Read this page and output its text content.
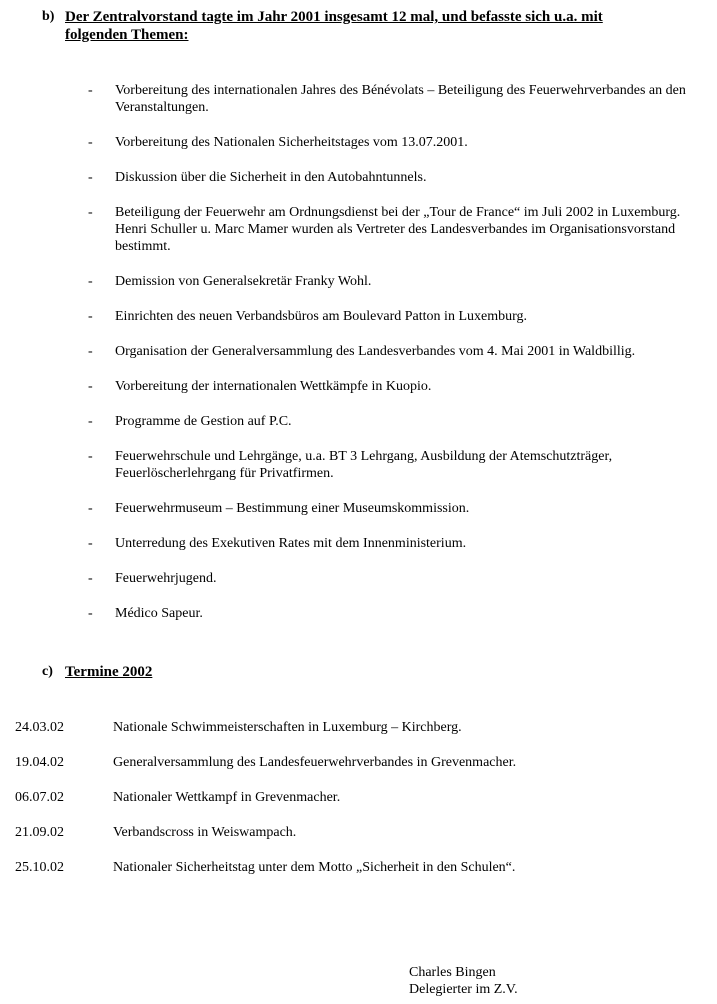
b) Der Zentralvorstand tagte im Jahr 2001 insgesamt 12 mal, und befasste sich u.a. mit
folgenden Themen:
- Vorbereitung des internationalen Jahres des Bénévolats – Beteiligung des Feuerwehrverbandes an den Veranstaltungen.
- Vorbereitung des Nationalen Sicherheitstages vom 13.07.2001.
- Diskussion über die Sicherheit in den Autobahntunnels.
- Beteiligung der Feuerwehr am Ordnungsdienst bei der „Tour de France“ im Juli 2002 in Luxemburg. Henri Schuller u. Marc Mamer wurden als Vertreter des Landesverbandes im Organisationsvorstand bestimmt.
- Demission von Generalsekretär Franky Wohl.
- Einrichten des neuen Verbandsbüros am Boulevard Patton in Luxemburg.
- Organisation der Generalversammlung des Landesverbandes vom 4. Mai 2001 in Waldbillig.
- Vorbereitung der internationalen Wettkämpfe in Kuopio.
- Programme de Gestion auf P.C.
- Feuerwehrschule und Lehrgänge, u.a. BT 3 Lehrgang, Ausbildung der Atemschutzträger, Feuerlöscherlehrgang für Privatfirmen.
- Feuerwehrmuseum – Bestimmung einer Museumskommission.
- Unterredung des Exekutiven Rates mit dem Innenministerium.
- Feuerwehrjugend.
- Médico Sapeur.
c) Termine 2002
24.03.02	Nationale Schwimmeisterschaften in Luxemburg – Kirchberg.
19.04.02	Generalversammlung des Landesfeuerwehrverbandes in Grevenmacher.
06.07.02	Nationaler Wettkampf in Grevenmacher.
21.09.02	Verbandscross in Weiswampach.
25.10.02	Nationaler Sicherheitstag unter dem Motto „Sicherheit in den Schulen“.
Charles Bingen
Delegierter im Z.V.
